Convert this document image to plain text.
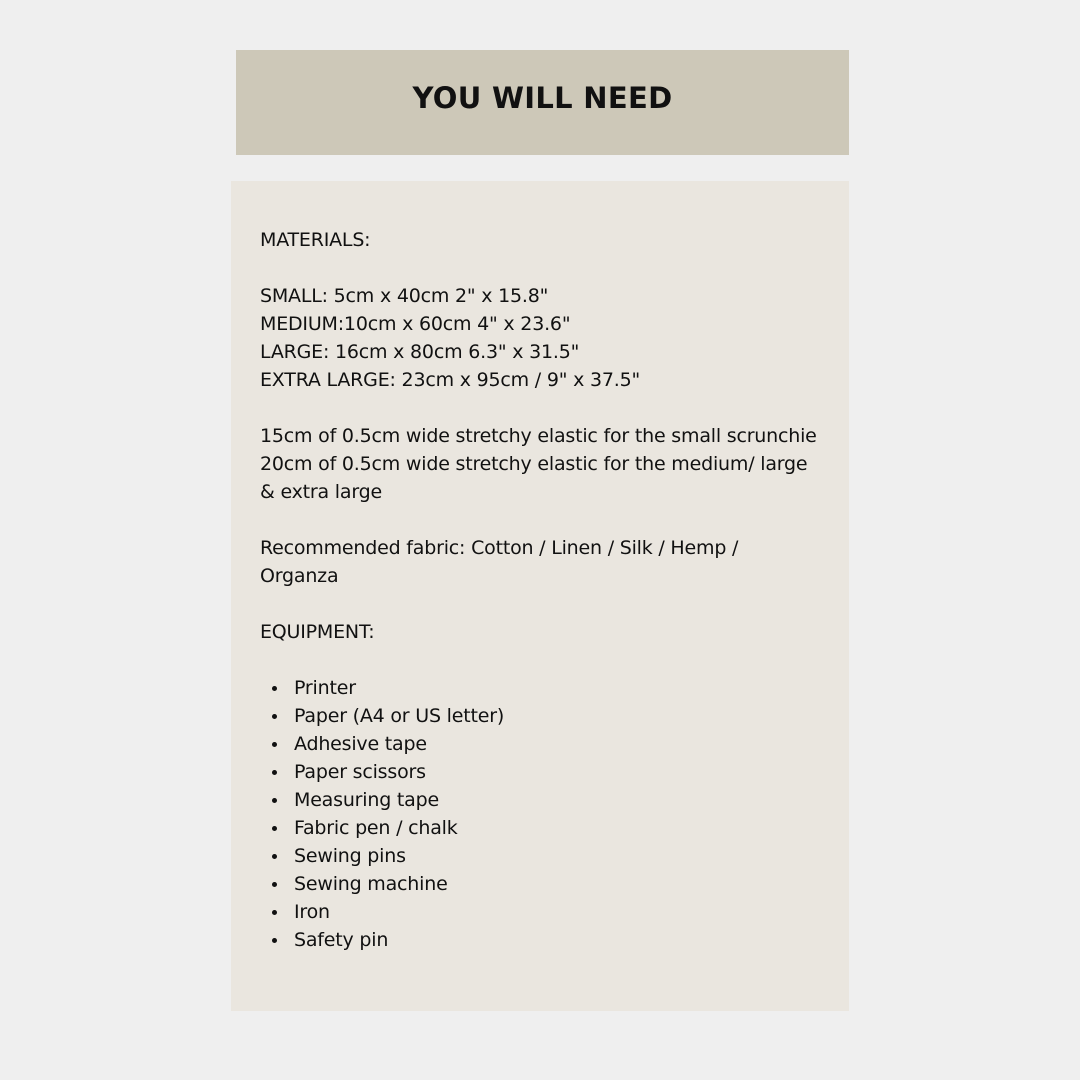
YOU WILL NEED
MATERIALS:
SMALL: 5cm x 40cm 2" x 15.8"
MEDIUM:10cm x 60cm 4" x 23.6"
LARGE: 16cm x 80cm 6.3" x 31.5"
EXTRA LARGE: 23cm x 95cm / 9" x 37.5"
15cm of 0.5cm wide stretchy elastic for the small scrunchie
20cm of 0.5cm wide stretchy elastic for the medium/ large
& extra large
Recommended fabric: Cotton / Linen / Silk / Hemp /
Organza
EQUIPMENT:
Printer
Paper (A4 or US letter)
Adhesive tape
Paper scissors
Measuring tape
Fabric pen / chalk
Sewing pins
Sewing machine
Iron
Safety pin
